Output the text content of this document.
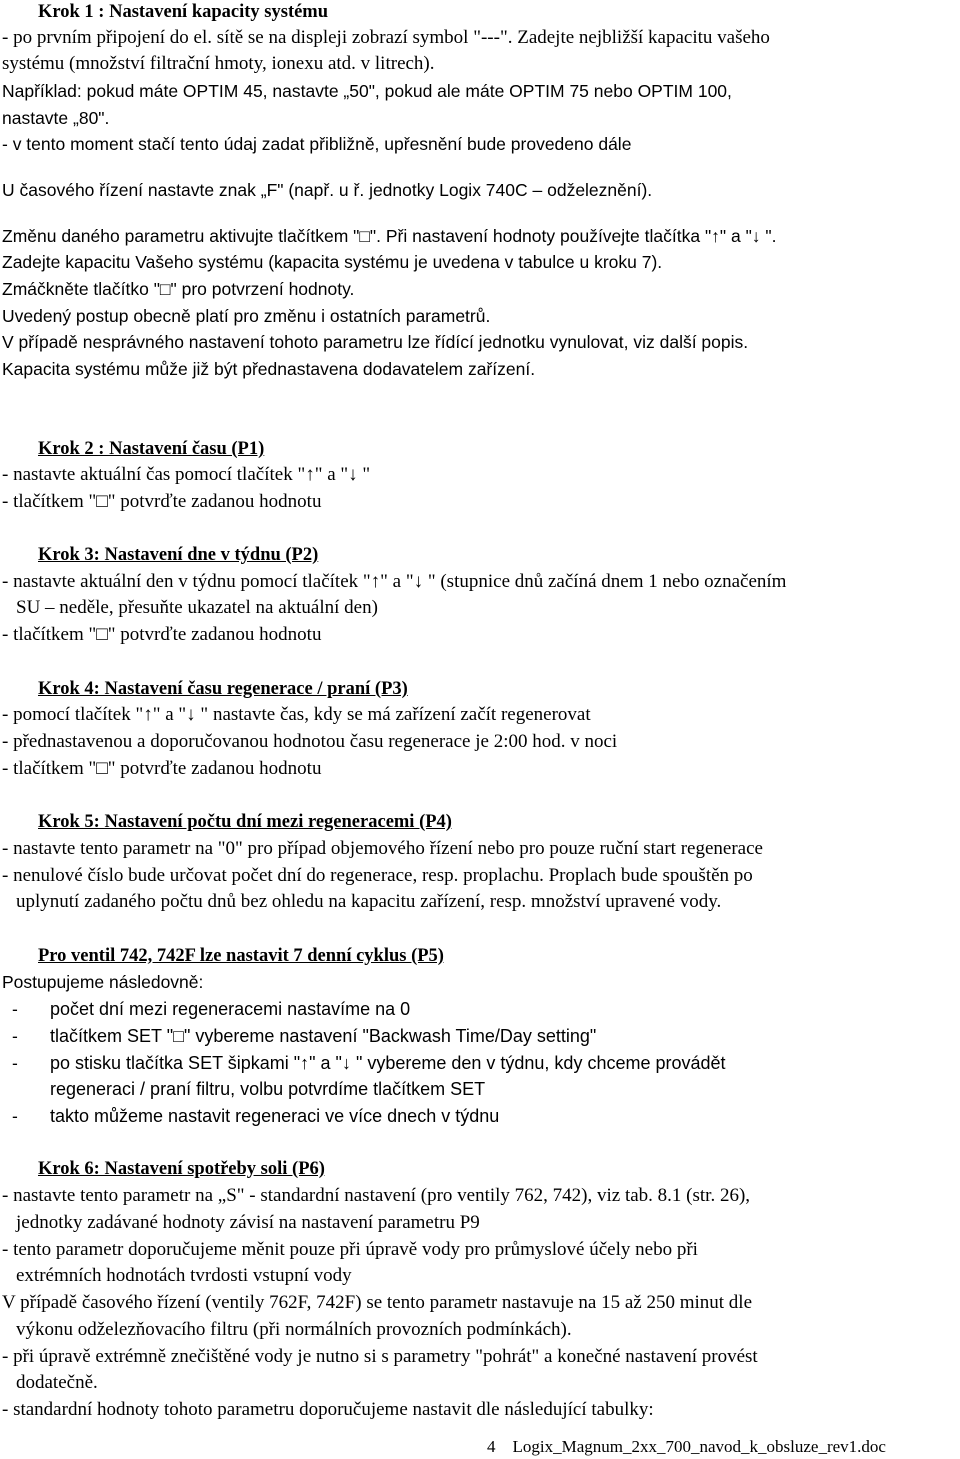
Krok 1 : Nastavení kapacity systému
- po prvním připojení do el. sítě se na displeji zobrazí symbol "---". Zadejte nejbližší kapacitu vašeho
systému (množství filtrační hmoty, ionexu atd. v litrech).
Například: pokud máte OPTIM 45, nastavte „50", pokud ale máte OPTIM 75 nebo OPTIM 100,
nastavte „80".
- v tento moment stačí tento údaj zadat přibližně, upřesnění bude provedeno dále
U časového řízení nastavte znak „F" (např. u ř. jednotky Logix 740C – odželeznění).
Změnu daného parametru aktivujte tlačítkem "□". Při nastavení hodnoty používejte tlačítka "↑" a "↓ ".
Zadejte kapacitu Vašeho systému (kapacita systému je uvedena v tabulce u kroku 7).
Zmáčkněte tlačítko "□" pro potvrzení hodnoty.
Uvedený postup obecně platí pro změnu i ostatních parametrů.
V případě nesprávného nastavení tohoto parametru lze řídící jednotku vynulovat, viz další popis.
Kapacita systému může již být přednastavena dodavatelem zařízení.
Krok 2 : Nastavení času (P1)
- nastavte aktuální čas pomocí tlačítek "↑" a "↓ "
- tlačítkem "□" potvrďte zadanou hodnotu
Krok 3: Nastavení dne v týdnu (P2)
- nastavte aktuální den v týdnu pomocí tlačítek "↑" a "↓ " (stupnice dnů začíná dnem 1 nebo označením
SU – neděle, přesuňte ukazatel na aktuální den)
- tlačítkem "□" potvrďte zadanou hodnotu
Krok 4: Nastavení času regenerace / praní (P3)
- pomocí tlačítek "↑" a "↓ " nastavte čas, kdy se má zařízení začít regenerovat
- přednastavenou a doporučovanou hodnotou času regenerace je 2:00 hod. v noci
- tlačítkem "□" potvrďte zadanou hodnotu
Krok 5: Nastavení počtu dní mezi regeneracemi (P4)
- nastavte tento parametr na "0" pro případ objemového řízení nebo pro pouze ruční start regenerace
- nenulové číslo bude určovat počet dní do regenerace, resp. proplachu. Proplach bude spouštěn po
uplynutí zadaného počtu dnů bez ohledu na kapacitu zařízení, resp. množství upravené vody.
Pro ventil 742, 742F lze nastavit 7 denní cyklus (P5)
Postupujeme následovně:
- počet dní mezi regeneracemi nastavíme na 0
- tlačítkem SET "□" vybereme nastavení "Backwash Time/Day setting"
- po stisku tlačítka SET šipkami "↑" a "↓ " vybereme den v týdnu, kdy chceme provádět
regeneraci / praní filtru, volbu potvrdíme tlačítkem SET
- takto můžeme nastavit regeneraci ve více dnech v týdnu
Krok 6: Nastavení spotřeby soli (P6)
- nastavte tento parametr na „S" - standardní nastavení (pro ventily 762, 742), viz tab. 8.1 (str. 26),
jednotky zadávané hodnoty závisí na nastavení parametru P9
- tento parametr doporučujeme měnit pouze při úpravě vody pro průmyslové účely nebo při
extrémních hodnotách tvrdosti vstupní vody
V případě časového řízení (ventily 762F, 742F) se tento parametr nastavuje na 15 až 250 minut dle
výkonu odželezňovacího filtru (při normálních provozních podmínkách).
- při úpravě extrémně znečištěné vody je nutno si s parametry "pohrát" a konečné nastavení provést
dodatečně.
- standardní hodnoty tohoto parametru doporučujeme nastavit dle následující tabulky:
4 Logix_Magnum_2xx_700_navod_k_obsluze_rev1.doc
